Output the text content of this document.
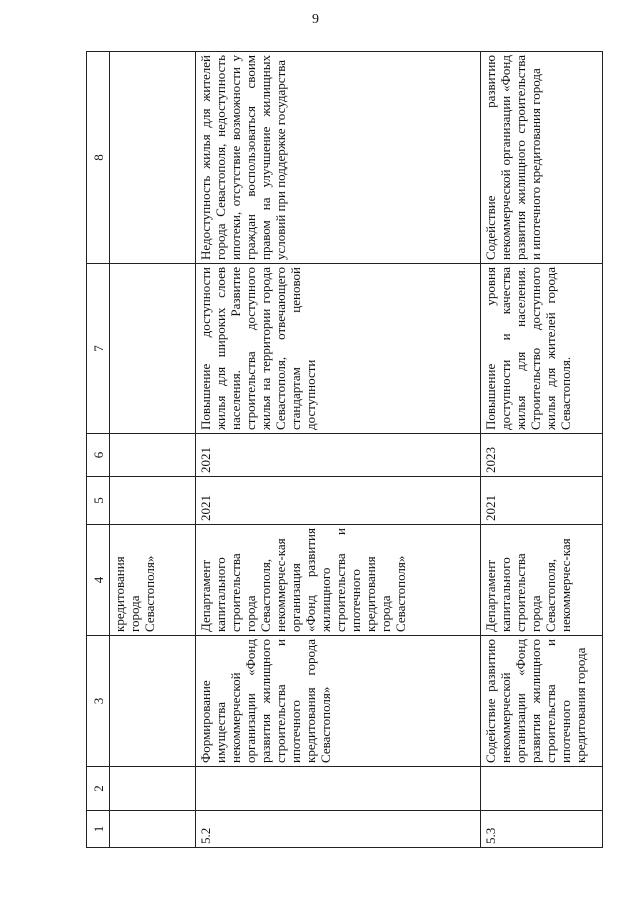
9
1	2	3	4	5	6	7	8
			кредитования города Севастополя»				
5.2		Формирование имущества некоммерческой организации «Фонд развития жилищного строительства и ипотечного кредитования города Севастополя»	Департамент капитального строительства города Севастополя, некоммерчес-кая организация «Фонд развития жилищного строительства и ипотечного кредитования города Севастополя»	2021	2021	Повышение доступности жилья для широких слоев населения. Развитие строительства доступного жилья на территории города Севастополя, отвечающего стандартам ценовой доступности	Недоступность жилья для жителей города Севастополя, недоступность ипотеки, отсутствие возможности у граждан воспользоваться своим правом на улучшение жилищных условий при поддержке государства
5.3		Содействие развитию некоммерческой организации «Фонд развития жилищного строительства и ипотечного кредитования города	Департамент капитального строительства города Севастополя, некоммерчес-кая	2021	2023	Повышение уровня доступности и качества жилья для населения. Строительство доступного жилья для жителей города Севастополя.	Содействие развитию некоммерческой организации «Фонд развития жилищного строительства и ипотечного кредитования города
